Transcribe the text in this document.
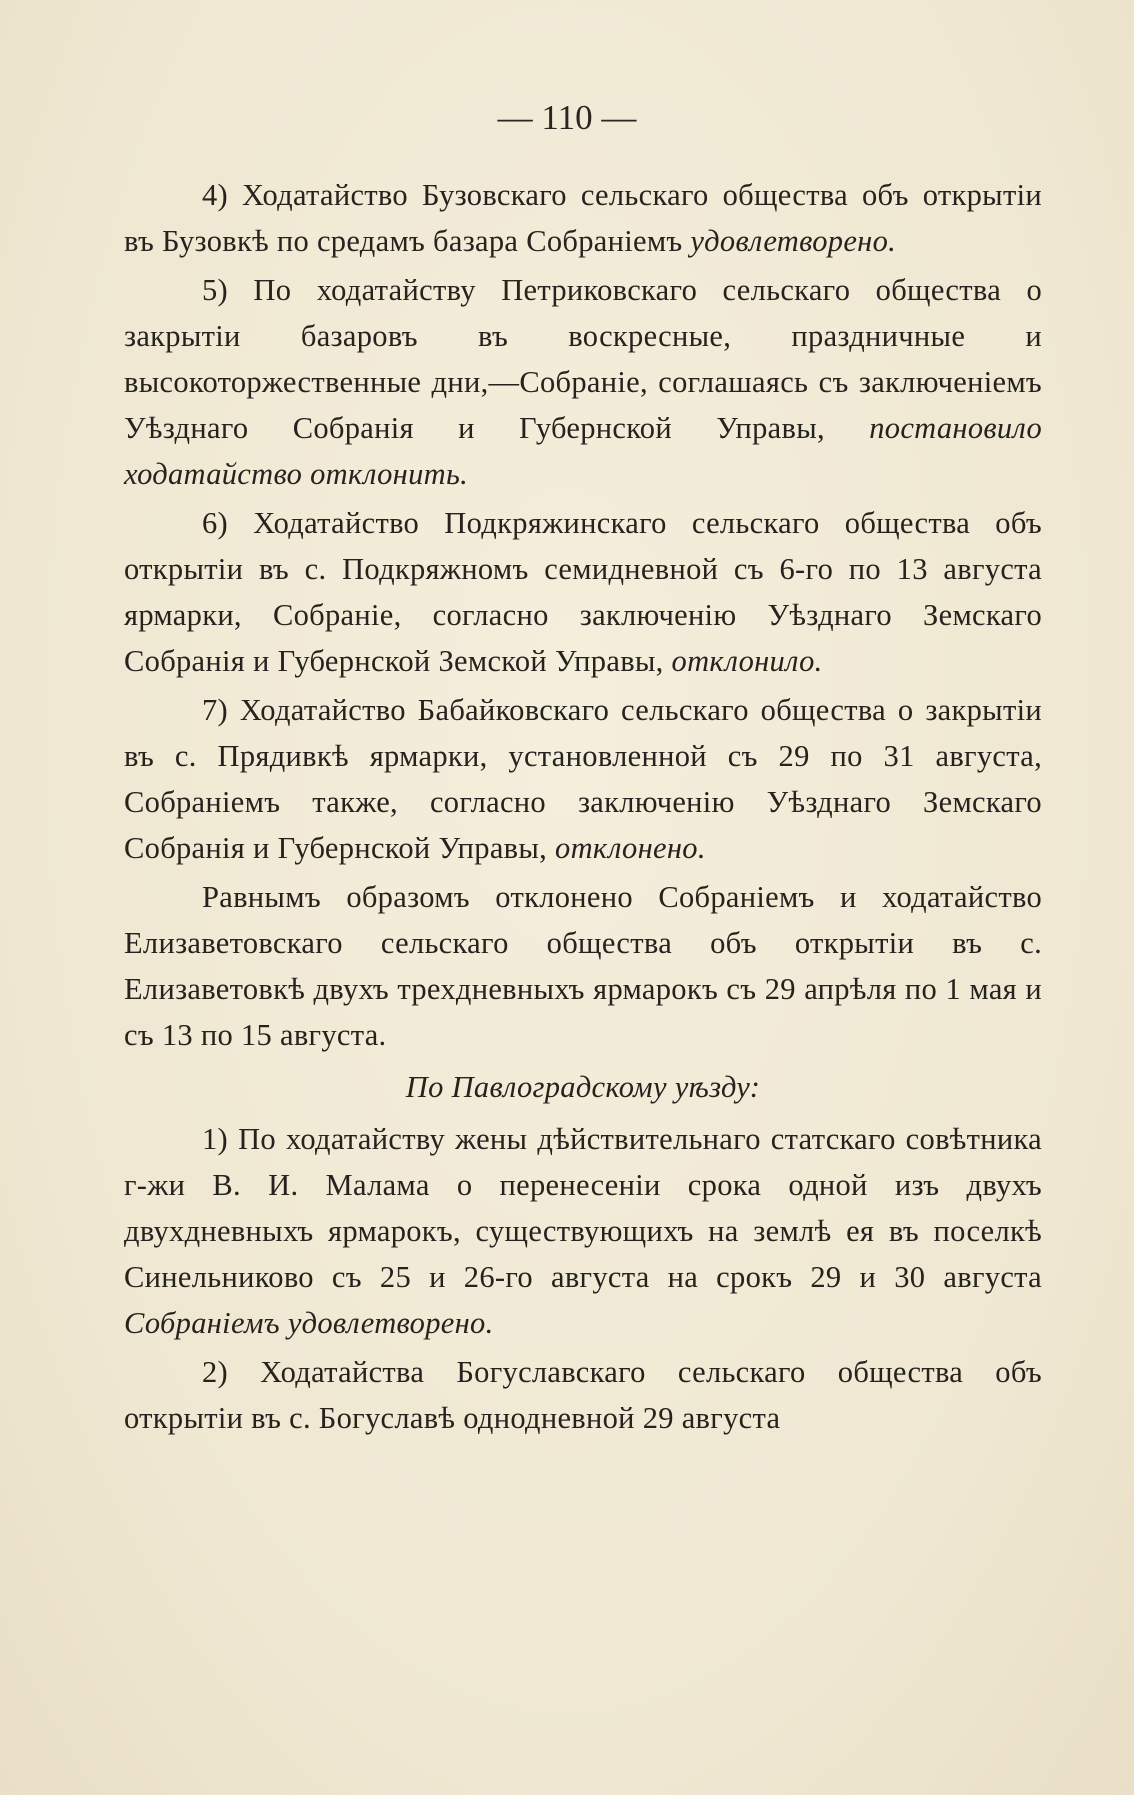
— 110 —

4) Ходатайство Бузовскаго сельскаго общества объ открытiи въ Бузовкѣ по средамъ базара Собранiемъ удовлетворено.

5) По ходатайству Петриковскаго сельскаго общества о закрытiи базаровъ въ воскресные, праздничные и высокоторжественные дни,—Собранiе, соглашаясь съ заключенiемъ Уѣзднаго Собранiя и Губернской Управы, постановило ходатайство отклонить.

6) Ходатайство Подкряжинскаго сельскаго общества объ открытiи въ с. Подкряжномъ семидневной съ 6-го по 13 августа ярмарки, Собранiе, согласно заключенiю Уѣзднаго Земскаго Собранiя и Губернской Земской Управы, отклонило.

7) Ходатайство Бабайковскаго сельскаго общества о закрытiи въ с. Прядивкѣ ярмарки, установленной съ 29 по 31 августа, Собранiемъ также, согласно заключенiю Уѣзднаго Земскаго Собранiя и Губернской Управы, отклонено.

Равнымъ образомъ отклонено Собранiемъ и ходатайство Елизаветовскаго сельскаго общества объ открытiи въ с. Елизаветовкѣ двухъ трехдневныхъ ярмарокъ съ 29 апрѣля по 1 мая и съ 13 по 15 августа.

По Павлоградскому уѣзду:

1) По ходатайству жены дѣйствительнаго статскаго совѣтника г-жи В. И. Малама о перенесенiи срока одной изъ двухъ двухдневныхъ ярмарокъ, существующихъ на землѣ ея въ поселкѣ Синельниково съ 25 и 26-го августа на срокъ 29 и 30 августа Собранiемъ удовлетворено.

2) Ходатайства Богуславскаго сельскаго общества объ открытiи въ с. Богуславѣ однодневной 29 августа
